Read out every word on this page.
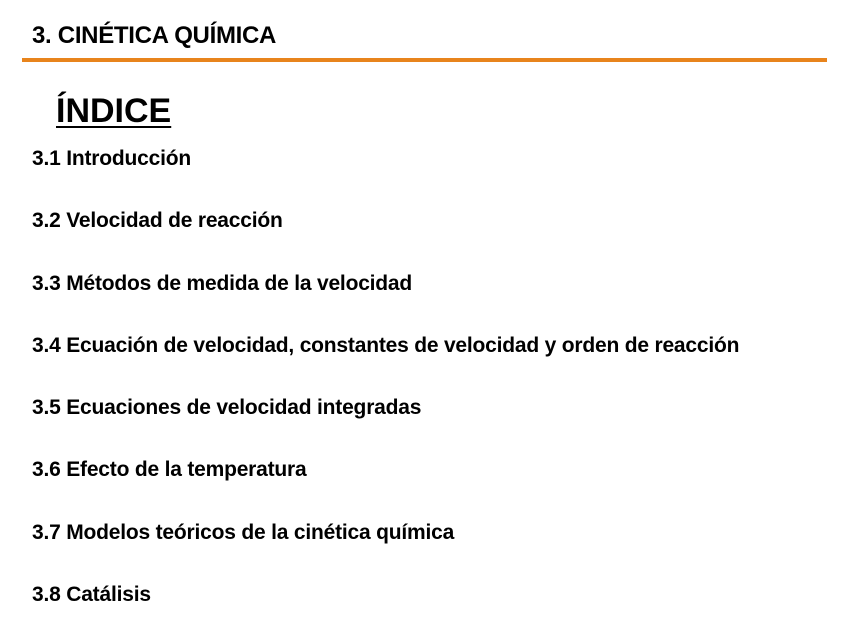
3. CINÉTICA QUÍMICA
ÍNDICE
3.1 Introducción
3.2 Velocidad de reacción
3.3 Métodos de medida de la velocidad
3.4 Ecuación de velocidad, constantes de velocidad y orden de reacción
3.5 Ecuaciones de velocidad integradas
3.6 Efecto de la temperatura
3.7 Modelos teóricos de la cinética química
3.8 Catálisis
